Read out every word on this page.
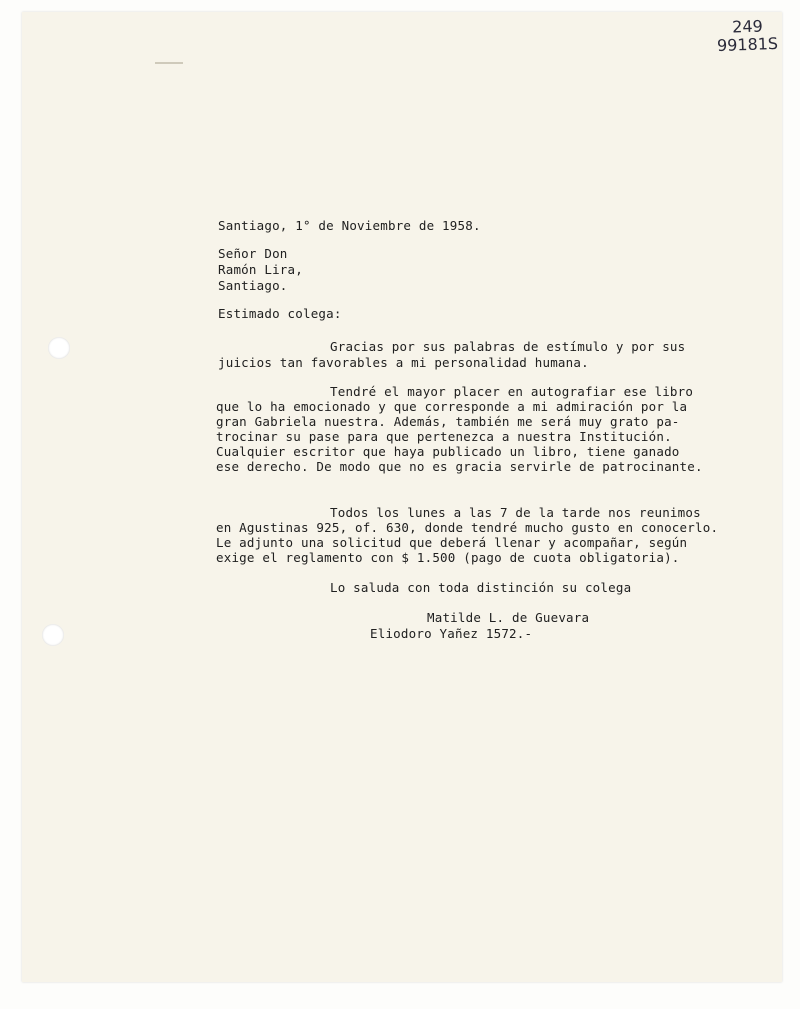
249
99181S
Santiago, 1° de Noviembre de 1958.
Señor Don
Ramón Lira,
Santiago.
Estimado colega:
Gracias por sus palabras de estímulo y por sus
juicios tan favorables a mi personalidad humana.
Tendré el mayor placer en autografiar ese libro
que lo ha emocionado y que corresponde a mi admiración por la
gran Gabriela nuestra. Además, también me será muy grato pa-
trocinar su pase para que pertenezca a nuestra Institución.
Cualquier escritor que haya publicado un libro, tiene ganado
ese derecho. De modo que no es gracia servirle de patrocinante.
Todos los lunes a las 7 de la tarde nos reunimos
en Agustinas 925, of. 630, donde tendré mucho gusto en conocerlo.
Le adjunto una solicitud que deberá llenar y acompañar, según
exige el reglamento con $ 1.500 (pago de cuota obligatoria).
Lo saluda con toda distinción su colega
Matilde L. de Guevara
Eliodoro Yañez 1572.-
